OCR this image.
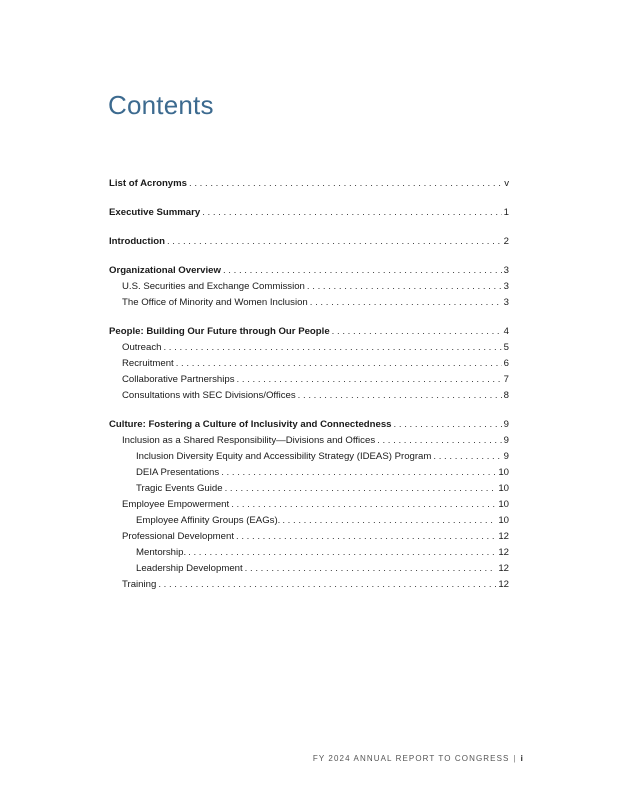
Contents
List of Acronyms . . .	v
Executive Summary . . .	1
Introduction . . .	2
Organizational Overview . . .	3
U.S. Securities and Exchange Commission . . .	3
The Office of Minority and Women Inclusion . . .	3
People: Building Our Future through Our People . . .	4
Outreach . . .	5
Recruitment . . .	6
Collaborative Partnerships . . .	7
Consultations with SEC Divisions/Offices . . .	8
Culture: Fostering a Culture of Inclusivity and Connectedness . . .	9
Inclusion as a Shared Responsibility—Divisions and Offices . . .	9
Inclusion Diversity Equity and Accessibility Strategy (IDEAS) Program . . .	9
DEIA Presentations . . .	10
Tragic Events Guide . . .	10
Employee Empowerment . . .	10
Employee Affinity Groups (EAGs). . . .	10
Professional Development . . .	12
Mentorship. . . .	12
Leadership Development . . .	12
Training . . .	12
FY 2024 ANNUAL REPORT TO CONGRESS | i
